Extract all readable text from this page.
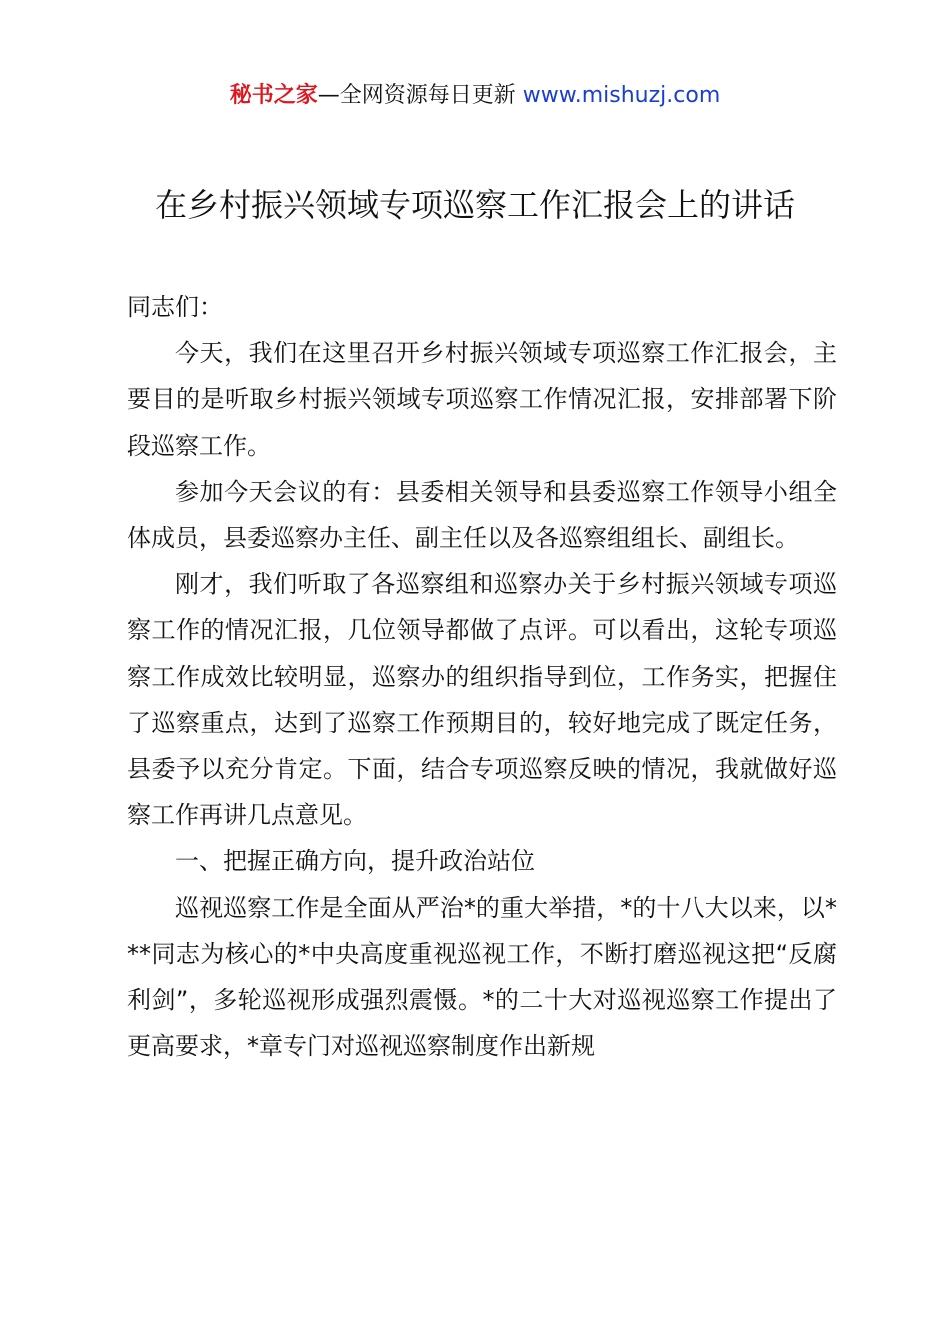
秘书之家—全网资源每日更新 www.mishuzj.com
在乡村振兴领域专项巡察工作汇报会上的讲话

同志们：

今天，我们在这里召开乡村振兴领域专项巡察工作汇报会，主要目的是听取乡村振兴领域专项巡察工作情况汇报，安排部署下阶段巡察工作。

参加今天会议的有：县委相关领导和县委巡察工作领导小组全体成员，县委巡察办主任、副主任以及各巡察组组长、副组长。

刚才，我们听取了各巡察组和巡察办关于乡村振兴领域专项巡察工作的情况汇报，几位领导都做了点评。可以看出，这轮专项巡察工作成效比较明显，巡察办的组织指导到位，工作务实，把握住了巡察重点，达到了巡察工作预期目的，较好地完成了既定任务，县委予以充分肯定。下面，结合专项巡察反映的情况，我就做好巡察工作再讲几点意见。

一、把握正确方向，提升政治站位

巡视巡察工作是全面从严治*的重大举措，*的十八大以来，以***同志为核心的*中央高度重视巡视工作，不断打磨巡视这把“反腐利剑”，多轮巡视形成强烈震慑。*的二十大对巡视巡察工作提出了更高要求，*章专门对巡视巡察制度作出新规
